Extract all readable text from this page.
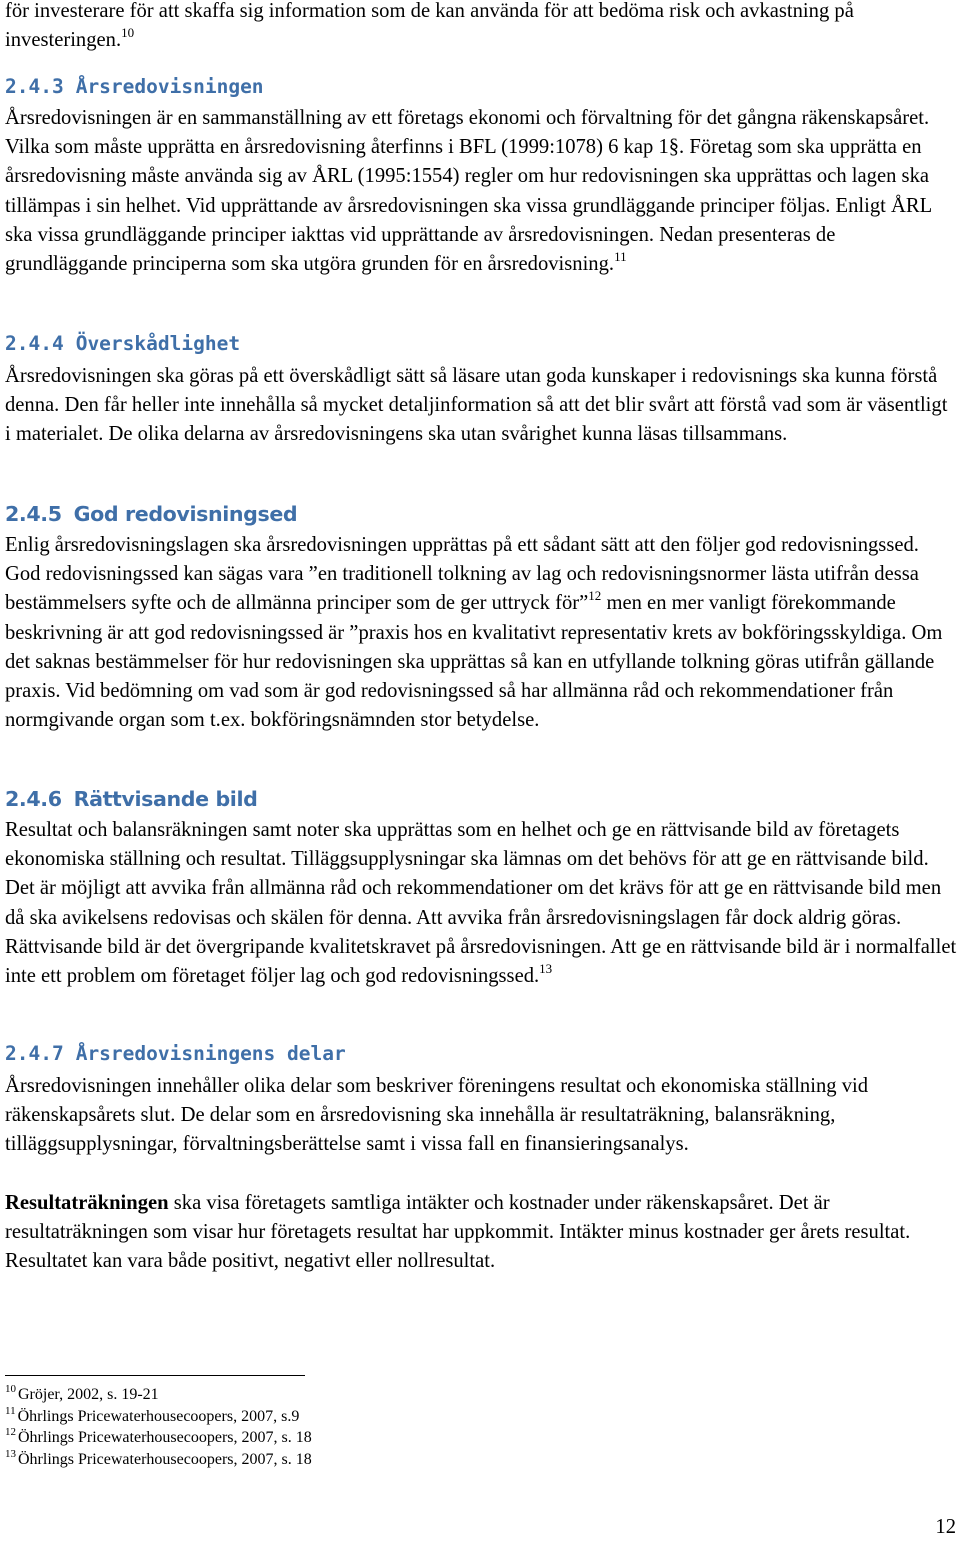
för investerare för att skaffa sig information som de kan använda för att bedöma risk och avkastning på investeringen.$^{10}$

2.4.3 Årsredovisningen

Årsredovisningen är en sammanställning av ett företags ekonomi och förvaltning för det gångna räkenskapsåret. Vilka som måste upprätta en årsredovisning återfinns i BFL (1999:1078) 6 kap 1§. Företag som ska upprätta en årsredovisning måste använda sig av ÅRL (1995:1554) regler om hur redovisningen ska upprättas och lagen ska tillämpas i sin helhet. Vid upprättande av årsredovisningen ska vissa grundläggande principer följas. Enligt ÅRL ska vissa grundläggande principer iakttas vid upprättande av årsredovisningen. Nedan presenteras de grundläggande principerna som ska utgöra grunden för en årsredovisning.$^{11}$

2.4.4 Överskådlighet

Årsredovisningen ska göras på ett överskådligt sätt så läsare utan goda kunskaper i redovisnings ska kunna förstå denna. Den får heller inte innehålla så mycket detaljinformation så att det blir svårt att förstå vad som är väsentligt i materialet. De olika delarna av årsredovisningens ska utan svårighet kunna läsas tillsammans.

2.4.5 God redovisningsed

Enlig årsredovisningslagen ska årsredovisningen upprättas på ett sådant sätt att den följer god redovisningssed. God redovisningssed kan sägas vara ”en traditionell tolkning av lag och redovisningsnormer lästa utifrån dessa bestämmelsers syfte och de allmänna principer som de ger uttryck för”$^{12}$ men en mer vanligt förekommande beskrivning är att god redovisningssed är ”praxis hos en kvalitativt representativ krets av bokföringsskyldiga. Om det saknas bestämmelser för hur redovisningen ska upprättas så kan en utfyllande tolkning göras utifrån gällande praxis. Vid bedömning om vad som är god redovisningssed så har allmänna råd och rekommendationer från normgivande organ som t.ex. bokföringsnämnden stor betydelse.

2.4.6 Rättvisande bild

Resultat och balansräkningen samt noter ska upprättas som en helhet och ge en rättvisande bild av företagets ekonomiska ställning och resultat. Tilläggsupplysningar ska lämnas om det behövs för att ge en rättvisande bild. Det är möjligt att avvika från allmänna råd och rekommendationer om det krävs för att ge en rättvisande bild men då ska avikelsens redovisas och skälen för denna. Att avvika från årsredovisningslagen får dock aldrig göras. Rättvisande bild är det övergripande kvalitetskravet på årsredovisningen. Att ge en rättvisande bild är i normalfallet inte ett problem om företaget följer lag och god redovisningssed.$^{13}$

2.4.7 Årsredovisningens delar

Årsredovisningen innehåller olika delar som beskriver föreningens resultat och ekonomiska ställning vid räkenskapsårets slut. De delar som en årsredovisning ska innehålla är resultaträkning, balansräkning, tilläggsupplysningar, förvaltningsberättelse samt i vissa fall en finansieringsanalys.

Resultaträkningen ska visa företagets samtliga intäkter och kostnader under räkenskapsåret. Det är resultaträkningen som visar hur företagets resultat har uppkommit. Intäkter minus kostnader ger årets resultat. Resultatet kan vara både positivt, negativt eller nollresultat.

$^{10}$ Gröjer, 2002, s. 19-21
$^{11}$ Öhrlings Pricewaterhousecoopers, 2007, s.9
$^{12}$ Öhrlings Pricewaterhousecoopers, 2007, s. 18
$^{13}$ Öhrlings Pricewaterhousecoopers, 2007, s. 18
12
